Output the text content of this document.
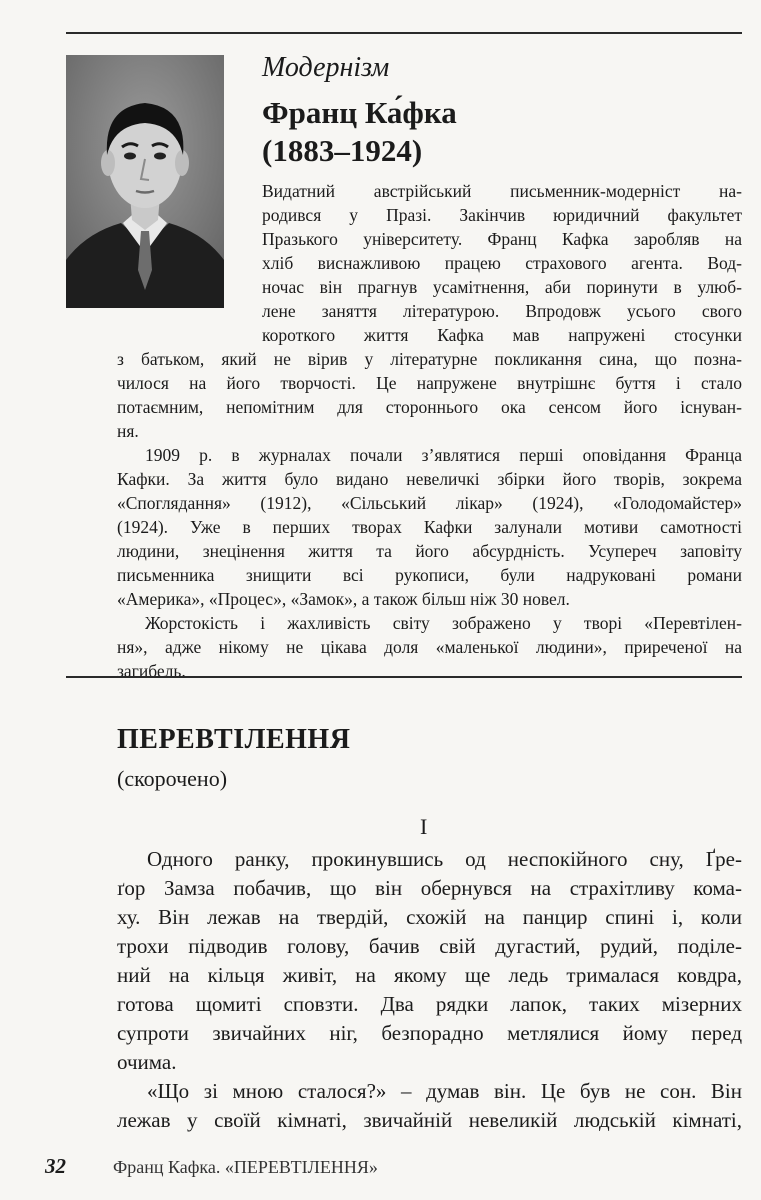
Модернізм
Франц Ка́фка
(1883–1924)
Видатний австрійський письменник-модерніст на-
родився у Празі. Закінчив юридичний факультет
Празького університету. Франц Кафка заробляв на
хліб виснажливою працею страхового агента. Вод-
ночас він прагнув усамітнення, аби поринути в улюб-
лене заняття літературою. Впродовж усього свого
короткого життя Кафка мав напружені стосунки
з батьком, який не вірив у літературне покликання сина, що позна-
чилося на його творчості. Це напружене внутрішнє буття і стало
потаємним, непомітним для стороннього ока сенсом його існуван-
ня.
1909 р. в журналах почали з’являтися перші оповідання Франца
Кафки. За життя було видано невеличкі збірки його творів, зокрема
«Споглядання» (1912), «Сільський лікар» (1924), «Голодомайстер»
(1924). Уже в перших творах Кафки залунали мотиви самотності
людини, знецінення життя та його абсурдність. Усупереч заповіту
письменника знищити всі рукописи, були надруковані романи
«Америка», «Процес», «Замок», а також більш ніж 30 новел.
Жорстокість і жахливість світу зображено у творі «Перевтілен-
ня», адже нікому не цікава доля «маленької людини», приреченої на
загибель.
ПЕРЕВТІЛЕННЯ
(скорочено)
I
Одного ранку, прокинувшись од неспокійного сну, Ґре-
ґор Замза побачив, що він обернувся на страхітливу кома-
ху. Він лежав на твердій, схожій на панцир спині і, коли
трохи підводив голову, бачив свій дугастий, рудий, поділе-
ний на кільця живіт, на якому ще ледь трималася ковдра,
готова щомиті сповзти. Два рядки лапок, таких мізерних
супроти звичайних ніг, безпорадно метлялися йому перед
очима.
«Що зі мною сталося?» – думав він. Це був не сон. Він
лежав у своїй кімнаті, звичайній невеликій людській кімнаті,
32	Франц Кафка. «ПЕРЕВТІЛЕННЯ»
